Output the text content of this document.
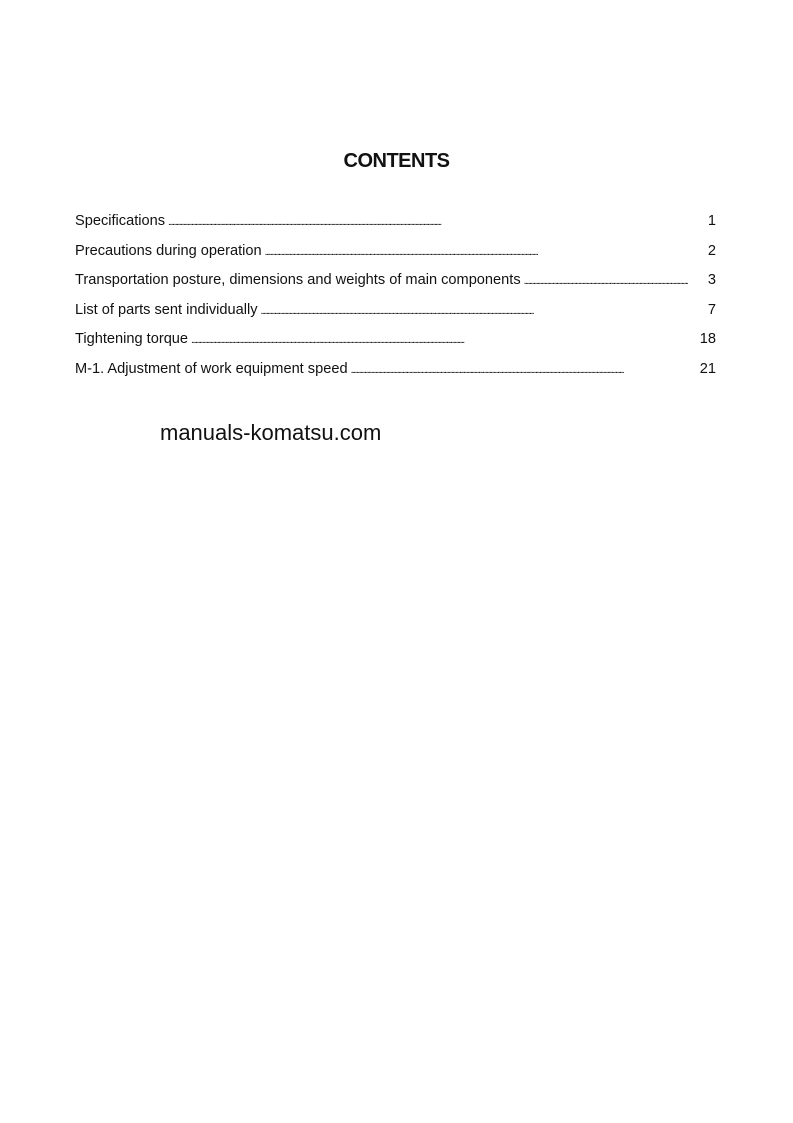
CONTENTS
Specifications . . .	1
Precautions during operation . . .	2
Transportation posture, dimensions and weights of main components . . .	3
List of parts sent individually . . .	7
Tightening torque . . .	18
M-1. Adjustment of work equipment speed . . .	21
manuals-komatsu.com
